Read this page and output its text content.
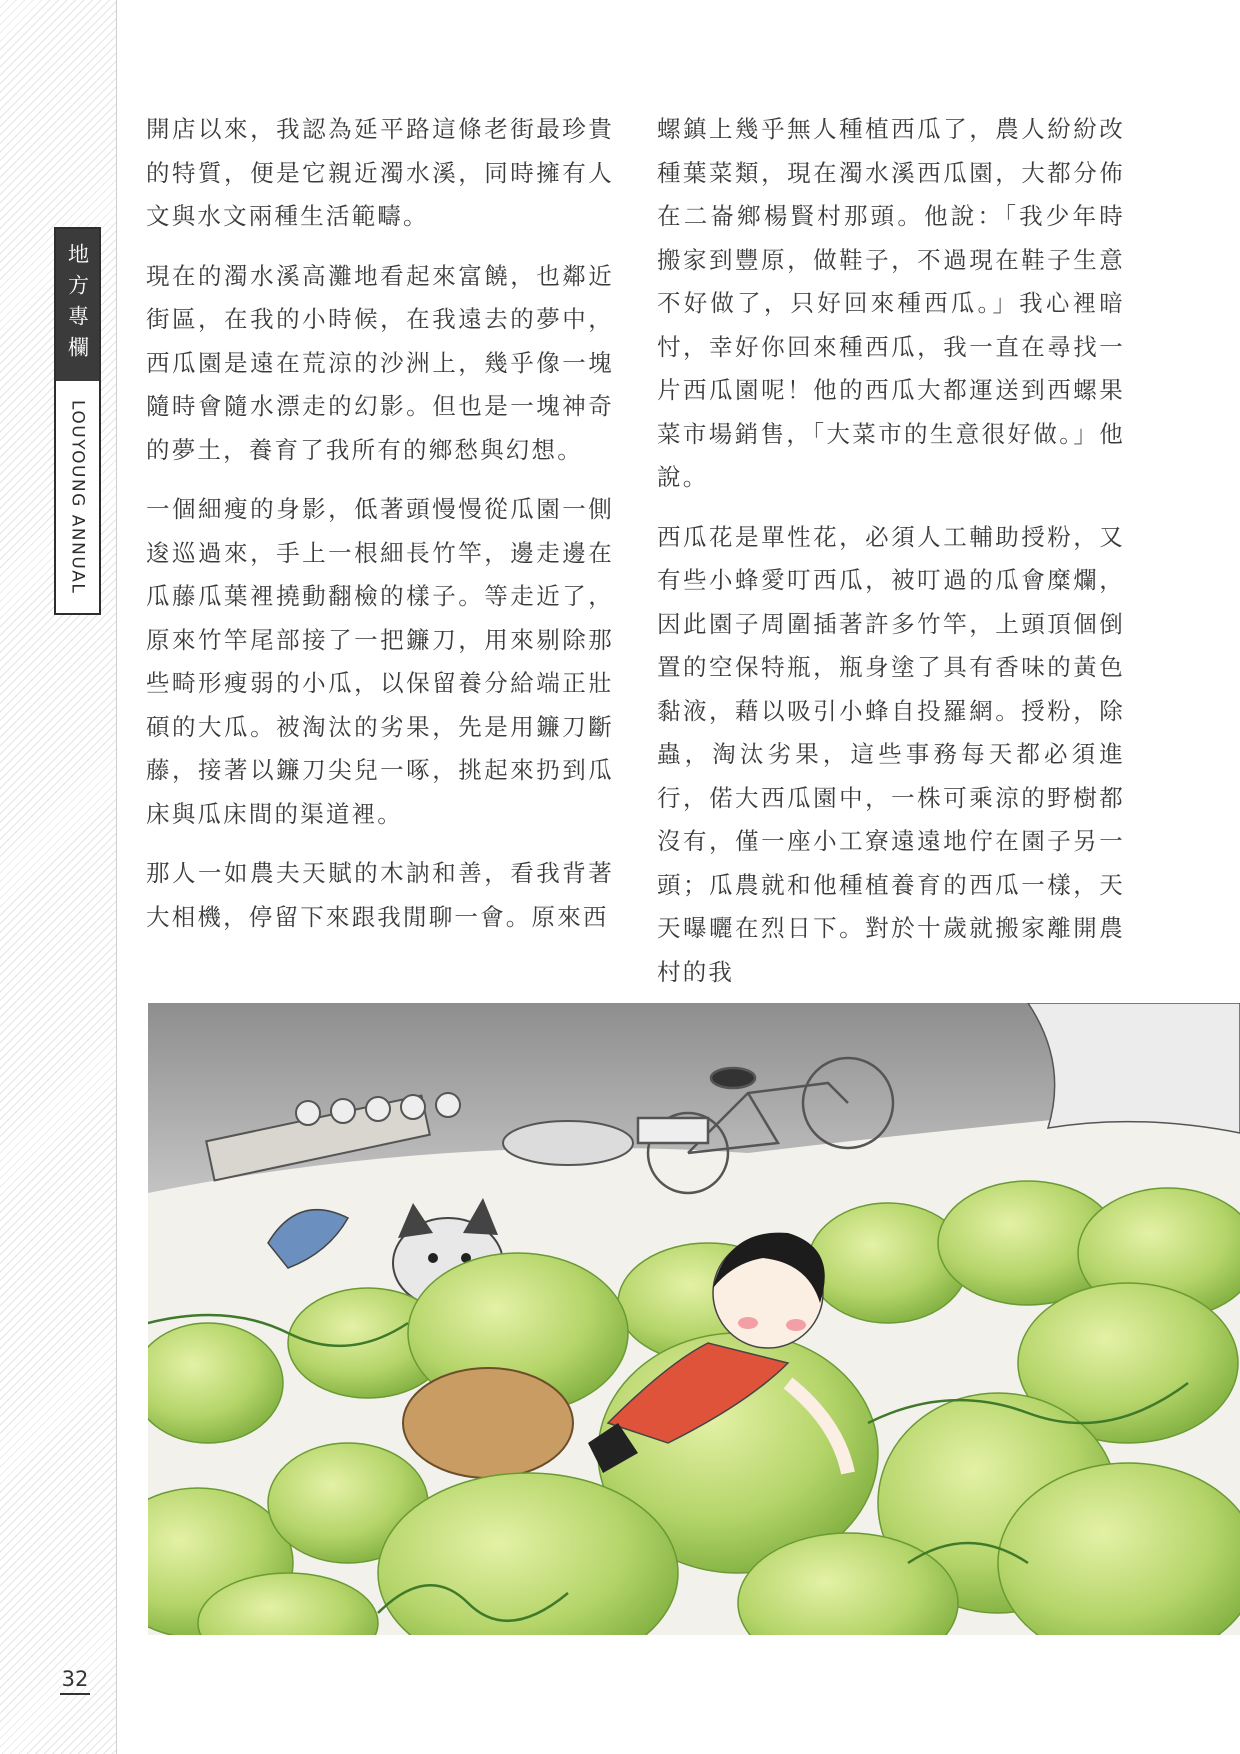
地方專欄
LOUYOUNG ANNUAL
32

開店以來，我認為延平路這條老街最珍貴的特質，便是它親近濁水溪，同時擁有人文與水文兩種生活範疇。

現在的濁水溪高灘地看起來富饒，也鄰近街區，在我的小時候，在我遠去的夢中，西瓜園是遠在荒涼的沙洲上，幾乎像一塊隨時會隨水漂走的幻影。但也是一塊神奇的夢土，養育了我所有的鄉愁與幻想。

一個細瘦的身影，低著頭慢慢從瓜園一側逡巡過來，手上一根細長竹竿，邊走邊在瓜藤瓜葉裡撓動翻檢的樣子。等走近了，原來竹竿尾部接了一把鐮刀，用來剔除那些畸形瘦弱的小瓜，以保留養分給端正壯碩的大瓜。被淘汰的劣果，先是用鐮刀斷藤，接著以鐮刀尖兒一啄，挑起來扔到瓜床與瓜床間的渠道裡。

那人一如農夫天賦的木訥和善，看我背著大相機，停留下來跟我閒聊一會。原來西

螺鎮上幾乎無人種植西瓜了，農人紛紛改種葉菜類，現在濁水溪西瓜園，大都分佈在二崙鄉楊賢村那頭。他說：「我少年時搬家到豐原，做鞋子，不過現在鞋子生意不好做了，只好回來種西瓜。」我心裡暗忖，幸好你回來種西瓜，我一直在尋找一片西瓜園呢！他的西瓜大都運送到西螺果菜市場銷售，「大菜市的生意很好做。」他說。

西瓜花是單性花，必須人工輔助授粉，又有些小蜂愛叮西瓜，被叮過的瓜會糜爛，因此園子周圍插著許多竹竿，上頭頂個倒置的空保特瓶，瓶身塗了具有香味的黃色黏液，藉以吸引小蜂自投羅網。授粉，除蟲，淘汰劣果，這些事務每天都必須進行，偌大西瓜園中，一株可乘涼的野樹都沒有，僅一座小工寮遠遠地佇在園子另一頭；瓜農就和他種植養育的西瓜一樣，天天曝曬在烈日下。對於十歲就搬家離開農村的我
